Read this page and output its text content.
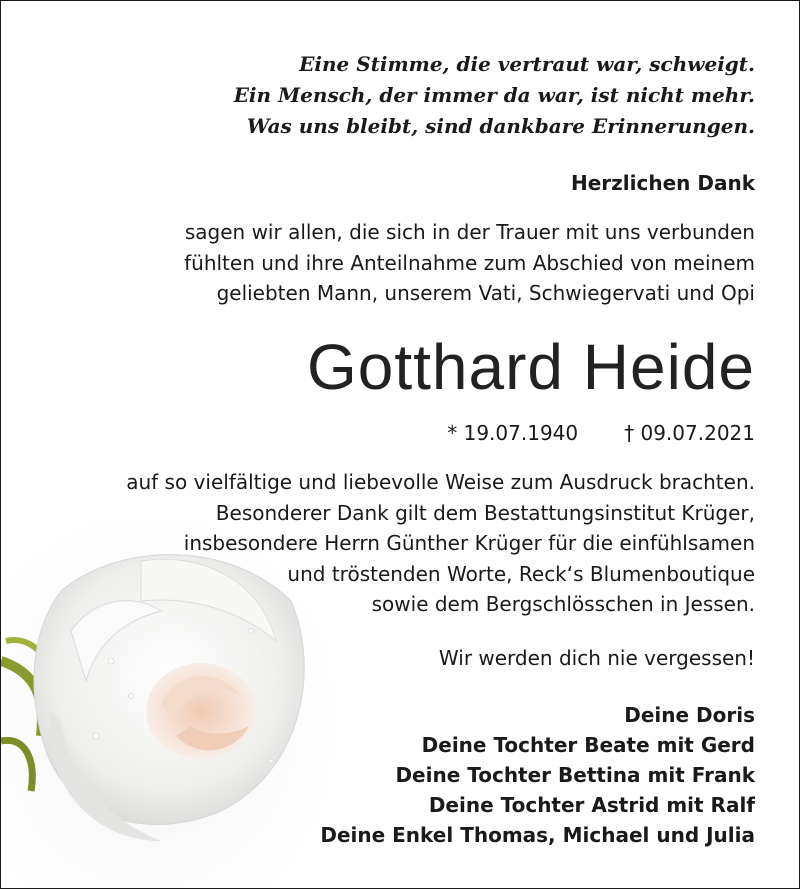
Eine Stimme, die vertraut war, schweigt.
Ein Mensch, der immer da war, ist nicht mehr.
Was uns bleibt, sind dankbare Erinnerungen.
Herzlichen Dank
sagen wir allen, die sich in der Trauer mit uns verbunden
fühlten und ihre Anteilnahme zum Abschied von meinem
geliebten Mann, unserem Vati, Schwiegervati und Opi
Gotthard Heide
* 19.07.1940 † 09.07.2021
auf so vielfältige und liebevolle Weise zum Ausdruck brachten.
Besonderer Dank gilt dem Bestattungsinstitut Krüger,
insbesondere Herrn Günther Krüger für die einfühlsamen
und tröstenden Worte, Reck‘s Blumenboutique
sowie dem Bergschlösschen in Jessen.
Wir werden dich nie vergessen!
Deine Doris
Deine Tochter Beate mit Gerd
Deine Tochter Bettina mit Frank
Deine Tochter Astrid mit Ralf
Deine Enkel Thomas, Michael und Julia
